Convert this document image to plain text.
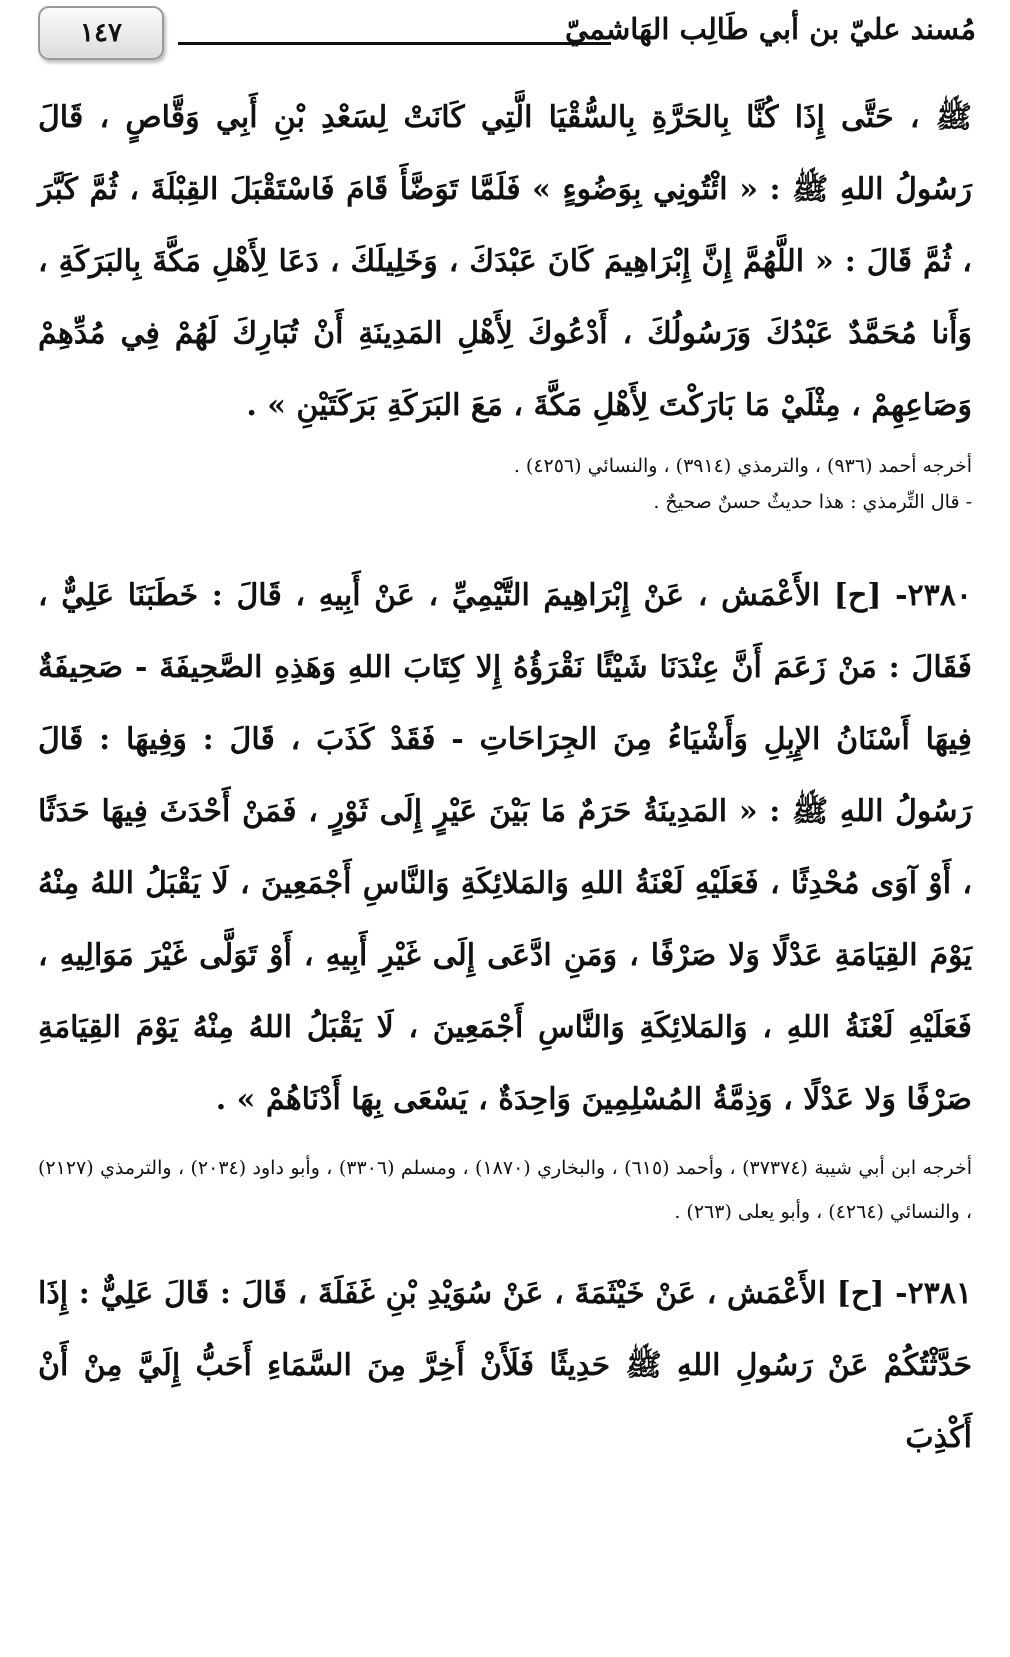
مُسند عليّ بن أبي طَالِب الهَاشميّ
١٤٧

ﷺ ، حَتَّى إِذَا كُنَّا بِالحَرَّةِ بِالسُّقْيَا الَّتِي كَانَتْ لِسَعْدِ بْنِ أَبِي وَقَّاصٍ ، قَالَ رَسُولُ اللهِ ﷺ : « ائْتُونِي بِوَضُوءٍ » فَلَمَّا تَوَضَّأَ قَامَ فَاسْتَقْبَلَ القِبْلَةَ ، ثُمَّ كَبَّرَ ، ثُمَّ قَالَ : « اللَّهُمَّ إِنَّ إِبْرَاهِيمَ كَانَ عَبْدَكَ ، وَخَلِيلَكَ ، دَعَا لِأَهْلِ مَكَّةَ بِالبَرَكَةِ ، وَأَنا مُحَمَّدٌ عَبْدُكَ وَرَسُولُكَ ، أَدْعُوكَ لِأَهْلِ المَدِينَةِ أَنْ تُبَارِكَ لَهُمْ فِي مُدِّهِمْ وَصَاعِهِمْ ، مِثْلَيْ مَا بَارَكْتَ لِأَهْلِ مَكَّةَ ، مَعَ البَرَكَةِ بَرَكَتَيْنِ » .

أخرجه أحمد (٩٣٦) ، والترمذي (٣٩١٤) ، والنسائي (٤٢٥٦) .

- قال التِّرمذي : هذا حديثٌ حسنٌ صحيحٌ .

٢٣٨٠- [ح] الأَعْمَش ، عَنْ إِبْرَاهِيمَ التَّيْمِيِّ ، عَنْ أَبِيهِ ، قَالَ : خَطَبَنَا عَلِيٌّ ، فَقَالَ : مَنْ زَعَمَ أَنَّ عِنْدَنَا شَيْئًا نَقْرَؤُهُ إِلا كِتَابَ اللهِ وَهَذِهِ الصَّحِيفَةَ - صَحِيفَةٌ فِيهَا أَسْنَانُ الإِبِلِ وَأَشْيَاءُ مِنَ الجِرَاحَاتِ - فَقَدْ كَذَبَ ، قَالَ : وَفِيهَا : قَالَ رَسُولُ اللهِ ﷺ : « المَدِينَةُ حَرَمٌ مَا بَيْنَ عَيْرٍ إِلَى ثَوْرٍ ، فَمَنْ أَحْدَثَ فِيهَا حَدَثًا ، أَوْ آوَى مُحْدِثًا ، فَعَلَيْهِ لَعْنَةُ اللهِ وَالمَلائِكَةِ وَالنَّاسِ أَجْمَعِينَ ، لَا يَقْبَلُ اللهُ مِنْهُ يَوْمَ القِيَامَةِ عَدْلًا وَلا صَرْفًا ، وَمَنِ ادَّعَى إِلَى غَيْرِ أَبِيهِ ، أَوْ تَوَلَّى غَيْرَ مَوَالِيهِ ، فَعَلَيْهِ لَعْنَةُ اللهِ ، وَالمَلائِكَةِ وَالنَّاسِ أَجْمَعِينَ ، لَا يَقْبَلُ اللهُ مِنْهُ يَوْمَ القِيَامَةِ صَرْفًا وَلا عَدْلًا ، وَذِمَّةُ المُسْلِمِينَ وَاحِدَةٌ ، يَسْعَى بِهَا أَدْنَاهُمْ » .

أخرجه ابن أبي شيبة (٣٧٣٧٤) ، وأحمد (٦١٥) ، والبخاري (١٨٧٠) ، ومسلم (٣٣٠٦) ، وأبو داود (٢٠٣٤) ، والترمذي (٢١٢٧) ، والنسائي (٤٢٦٤) ، وأبو يعلى (٢٦٣) .

٢٣٨١- [ح] الأَعْمَش ، عَنْ خَيْثَمَةَ ، عَنْ سُوَيْدِ بْنِ غَفَلَةَ ، قَالَ : قَالَ عَلِيٌّ : إِذَا حَدَّثْتُكُمْ عَنْ رَسُولِ اللهِ ﷺ حَدِيثًا فَلَأَنْ أَخِرَّ مِنَ السَّمَاءِ أَحَبُّ إِلَيَّ مِنْ أَنْ أَكْذِبَ
